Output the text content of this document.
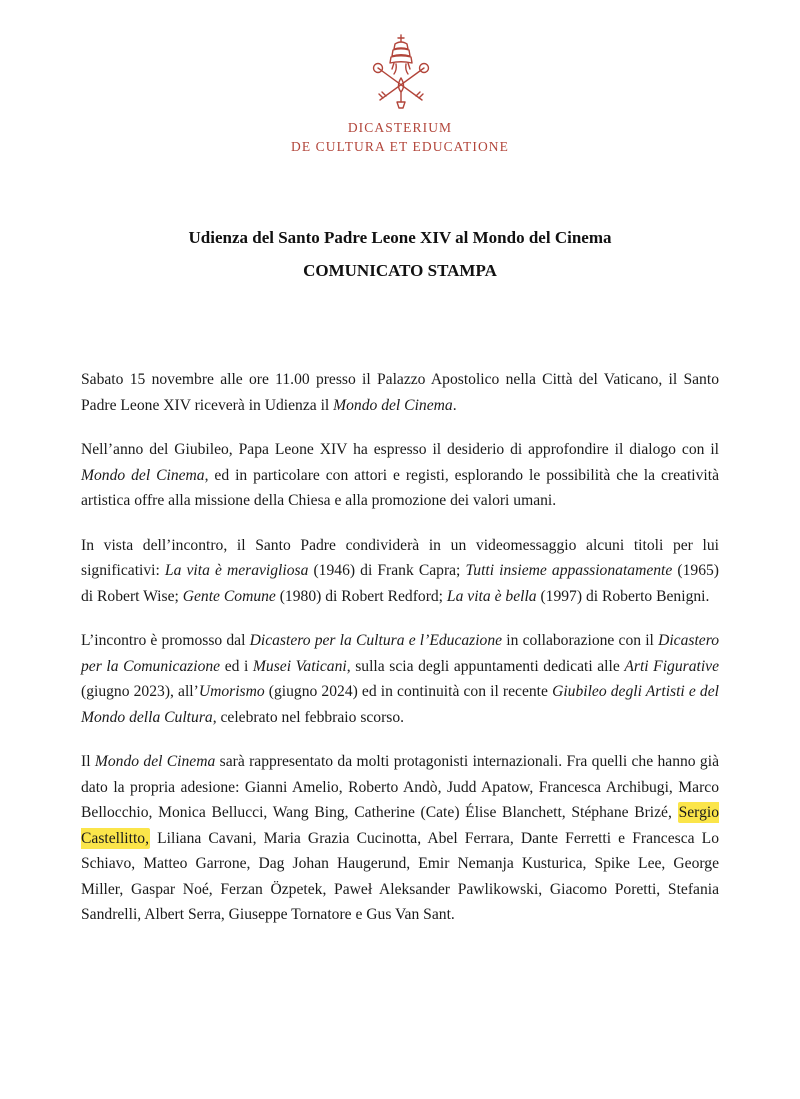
DICASTERIUM
DE CULTURA ET EDUCATIONE
Udienza del Santo Padre Leone XIV al Mondo del Cinema
COMUNICATO STAMPA

Sabato 15 novembre alle ore 11.00 presso il Palazzo Apostolico nella Città del Vaticano, il Santo Padre Leone XIV riceverà in Udienza il Mondo del Cinema.

Nell’anno del Giubileo, Papa Leone XIV ha espresso il desiderio di approfondire il dialogo con il Mondo del Cinema, ed in particolare con attori e registi, esplorando le possibilità che la creatività artistica offre alla missione della Chiesa e alla promozione dei valori umani.

In vista dell’incontro, il Santo Padre condividerà in un videomessaggio alcuni titoli per lui significativi: La vita è meravigliosa (1946) di Frank Capra; Tutti insieme appassionatamente (1965) di Robert Wise; Gente Comune (1980) di Robert Redford; La vita è bella (1997) di Roberto Benigni.

L’incontro è promosso dal Dicastero per la Cultura e l’Educazione in collaborazione con il Dicastero per la Comunicazione ed i Musei Vaticani, sulla scia degli appuntamenti dedicati alle Arti Figurative (giugno 2023), all’Umorismo (giugno 2024) ed in continuità con il recente Giubileo degli Artisti e del Mondo della Cultura, celebrato nel febbraio scorso.

Il Mondo del Cinema sarà rappresentato da molti protagonisti internazionali. Fra quelli che hanno già dato la propria adesione: Gianni Amelio, Roberto Andò, Judd Apatow, Francesca Archibugi, Marco Bellocchio, Monica Bellucci, Wang Bing, Catherine (Cate) Élise Blanchett, Stéphane Brizé, Sergio Castellitto, Liliana Cavani, Maria Grazia Cucinotta, Abel Ferrara, Dante Ferretti e Francesca Lo Schiavo, Matteo Garrone, Dag Johan Haugerund, Emir Nemanja Kusturica, Spike Lee, George Miller, Gaspar Noé, Ferzan Özpetek, Paweł Aleksander Pawlikowski, Giacomo Poretti, Stefania Sandrelli, Albert Serra, Giuseppe Tornatore e Gus Van Sant.
